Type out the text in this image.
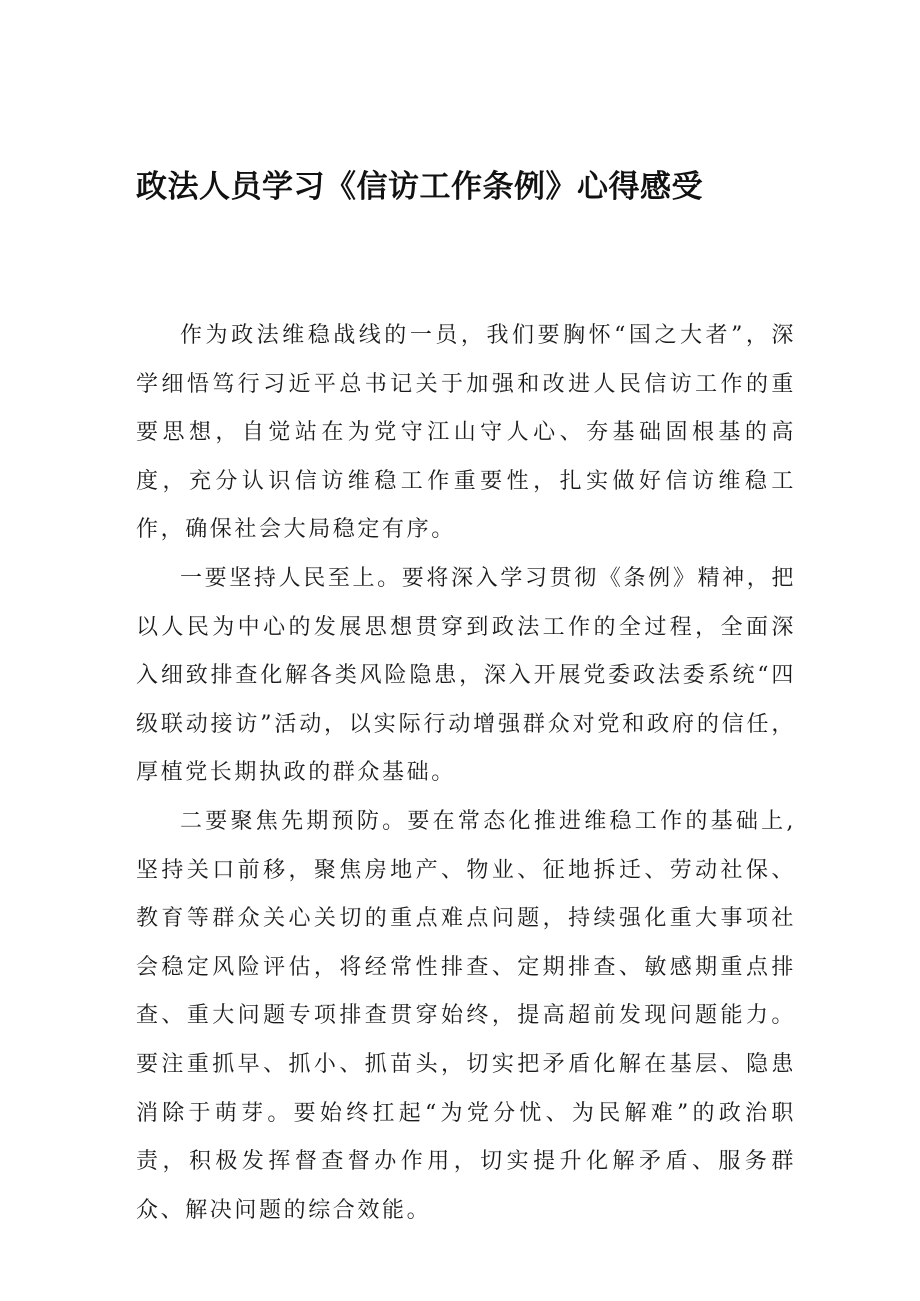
政法人员学习《信访工作条例》心得感受

作为政法维稳战线的一员，我们要胸怀“国之大者”，深学细悟笃行习近平总书记关于加强和改进人民信访工作的重要思想，自觉站在为党守江山守人心、夯基础固根基的高度，充分认识信访维稳工作重要性，扎实做好信访维稳工作，确保社会大局稳定有序。

一要坚持人民至上。要将深入学习贯彻《条例》精神，把以人民为中心的发展思想贯穿到政法工作的全过程，全面深入细致排查化解各类风险隐患，深入开展党委政法委系统“四级联动接访”活动，以实际行动增强群众对党和政府的信任，厚植党长期执政的群众基础。

二要聚焦先期预防。要在常态化推进维稳工作的基础上,坚持关口前移，聚焦房地产、物业、征地拆迁、劳动社保、教育等群众关心关切的重点难点问题，持续强化重大事项社会稳定风险评估，将经常性排查、定期排查、敏感期重点排查、重大问题专项排查贯穿始终，提高超前发现问题能力。要注重抓早、抓小、抓苗头，切实把矛盾化解在基层、隐患消除于萌芽。要始终扛起“为党分忧、为民解难”的政治职责，积极发挥督查督办作用，切实提升化解矛盾、服务群众、解决问题的综合效能。
